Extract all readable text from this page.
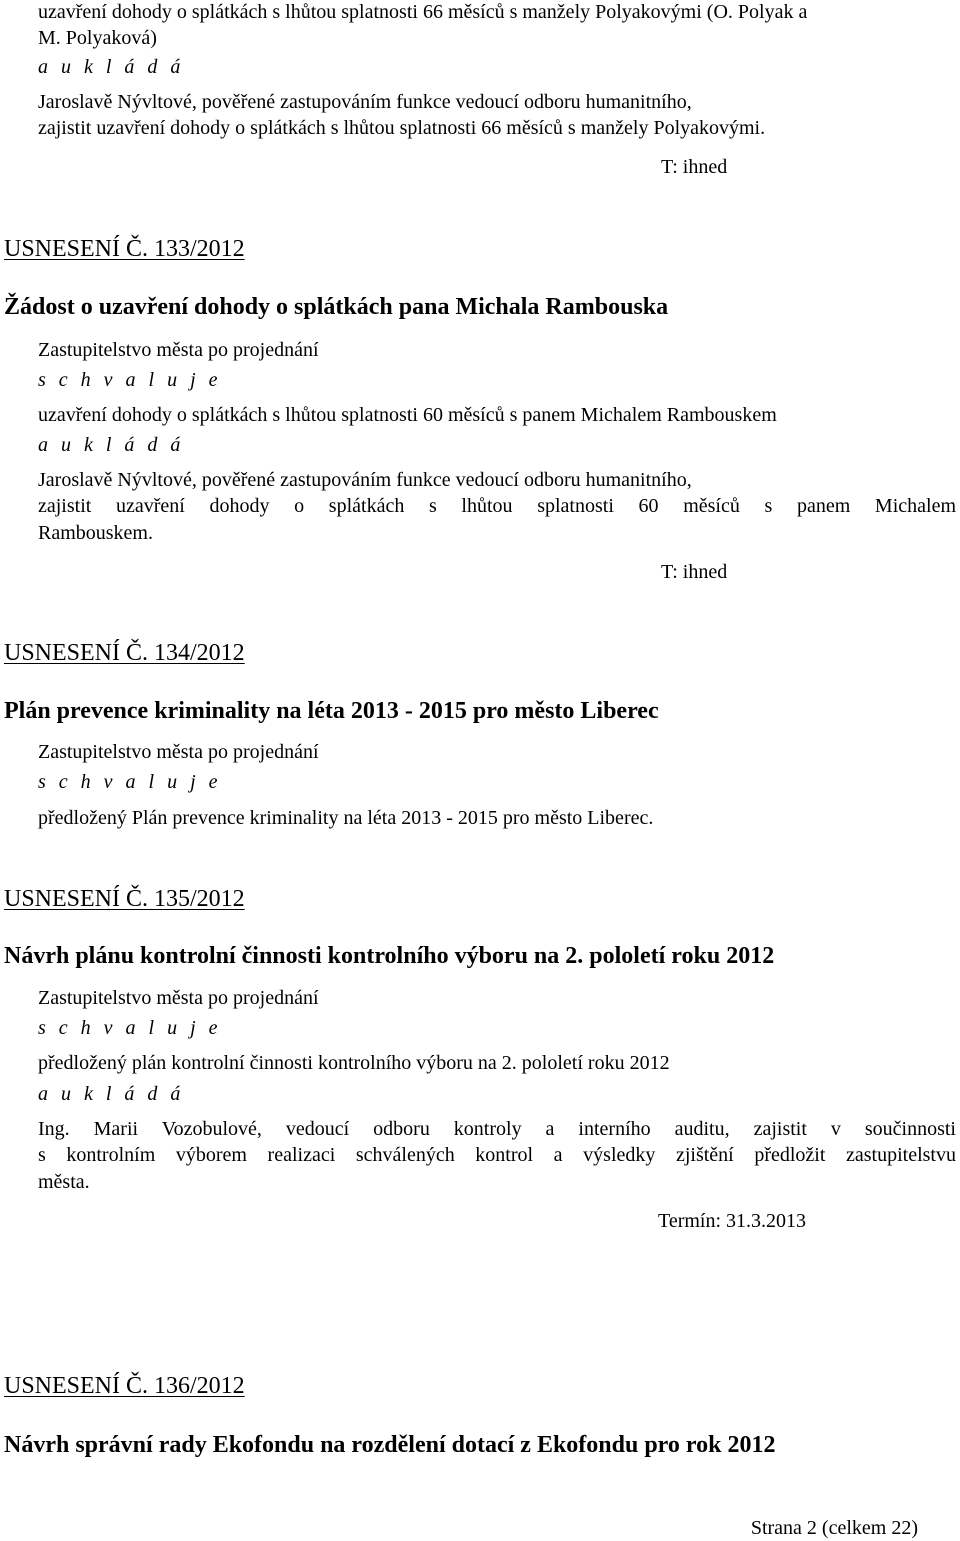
uzavření dohody o splátkách s lhůtou splatnosti 66 měsíců s manžely Polyakovými (O. Polyak a
M. Polyaková)
a u k l á d á
Jaroslavě Nývltové, pověřené zastupováním funkce vedoucí odboru humanitního,
zajistit uzavření dohody o splátkách s lhůtou splatnosti 66 měsíců s manžely Polyakovými.
T: ihned
USNESENÍ Č. 133/2012
Žádost o uzavření dohody o splátkách pana Michala Rambouska
Zastupitelstvo města po projednání
s c h v a l u j e
uzavření dohody o splátkách s lhůtou splatnosti 60 měsíců s panem Michalem Rambouskem
a u k l á d á
Jaroslavě Nývltové, pověřené zastupováním funkce vedoucí odboru humanitního,
zajistit uzavření dohody o splátkách s lhůtou splatnosti 60 měsíců s panem Michalem
Rambouskem.
T: ihned
USNESENÍ Č. 134/2012
Plán prevence kriminality na léta 2013 - 2015 pro město Liberec
Zastupitelstvo města po projednání
s c h v a l u j e
předložený Plán prevence kriminality na léta 2013 - 2015 pro město Liberec.
USNESENÍ Č. 135/2012
Návrh plánu kontrolní činnosti kontrolního výboru na 2. pololetí roku 2012
Zastupitelstvo města po projednání
s c h v a l u j e
předložený plán kontrolní činnosti kontrolního výboru na 2. pololetí roku 2012
a u k l á d á
Ing. Marii Vozobulové, vedoucí odboru kontroly a interního auditu, zajistit v součinnosti
s kontrolním výborem realizaci schválených kontrol a výsledky zjištění předložit zastupitelstvu
města.
Termín: 31.3.2013
USNESENÍ Č. 136/2012
Návrh správní rady Ekofondu na rozdělení dotací z Ekofondu pro rok 2012
Strana 2 (celkem 22)
